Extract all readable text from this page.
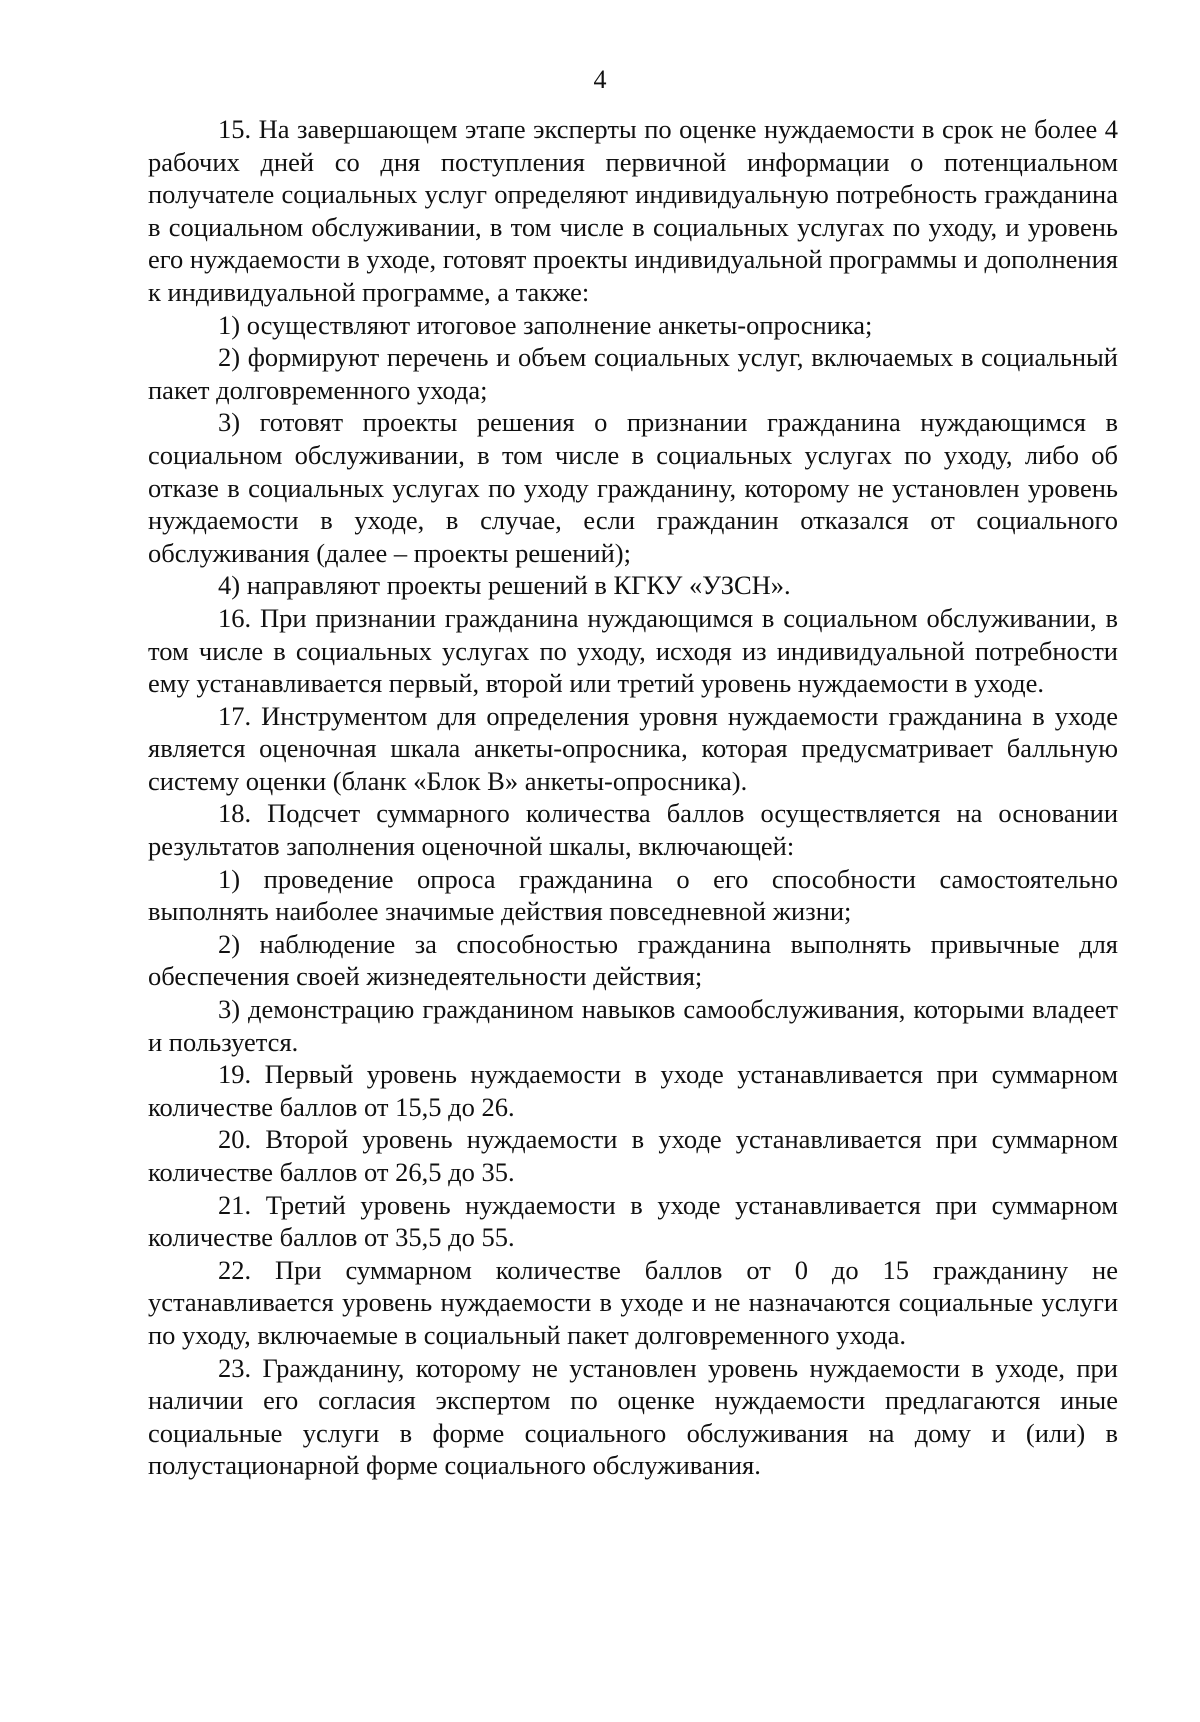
4

15. На завершающем этапе эксперты по оценке нуждаемости в срок не более 4 рабочих дней со дня поступления первичной информации о потенциальном получателе социальных услуг определяют индивидуальную потребность гражданина в социальном обслуживании, в том числе в социальных услугах по уходу, и уровень его нуждаемости в уходе, готовят проекты индивидуальной программы и дополнения к индивидуальной программе, а также:

1) осуществляют итоговое заполнение анкеты-опросника;

2) формируют перечень и объем социальных услуг, включаемых в социальный пакет долговременного ухода;

3) готовят проекты решения о признании гражданина нуждающимся в социальном обслуживании, в том числе в социальных услугах по уходу, либо об отказе в социальных услугах по уходу гражданину, которому не установлен уровень нуждаемости в уходе, в случае, если гражданин отказался от социального обслуживания (далее – проекты решений);

4) направляют проекты решений в КГКУ «УЗСН».

16. При признании гражданина нуждающимся в социальном обслуживании, в том числе в социальных услугах по уходу, исходя из индивидуальной потребности ему устанавливается первый, второй или третий уровень нуждаемости в уходе.

17. Инструментом для определения уровня нуждаемости гражданина в уходе является оценочная шкала анкеты-опросника, которая предусматривает балльную систему оценки (бланк «Блок В» анкеты-опросника).

18. Подсчет суммарного количества баллов осуществляется на основании результатов заполнения оценочной шкалы, включающей:

1) проведение опроса гражданина о его способности самостоятельно выполнять наиболее значимые действия повседневной жизни;

2) наблюдение за способностью гражданина выполнять привычные для обеспечения своей жизнедеятельности действия;

3) демонстрацию гражданином навыков самообслуживания, которыми владеет и пользуется.

19. Первый уровень нуждаемости в уходе устанавливается при суммарном количестве баллов от 15,5 до 26.

20. Второй уровень нуждаемости в уходе устанавливается при суммарном количестве баллов от 26,5 до 35.

21. Третий уровень нуждаемости в уходе устанавливается при суммарном количестве баллов от 35,5 до 55.

22. При суммарном количестве баллов от 0 до 15 гражданину не устанавливается уровень нуждаемости в уходе и не назначаются социальные услуги по уходу, включаемые в социальный пакет долговременного ухода.

23. Гражданину, которому не установлен уровень нуждаемости в уходе, при наличии его согласия экспертом по оценке нуждаемости предлагаются иные социальные услуги в форме социального обслуживания на дому и (или) в полустационарной форме социального обслуживания.
